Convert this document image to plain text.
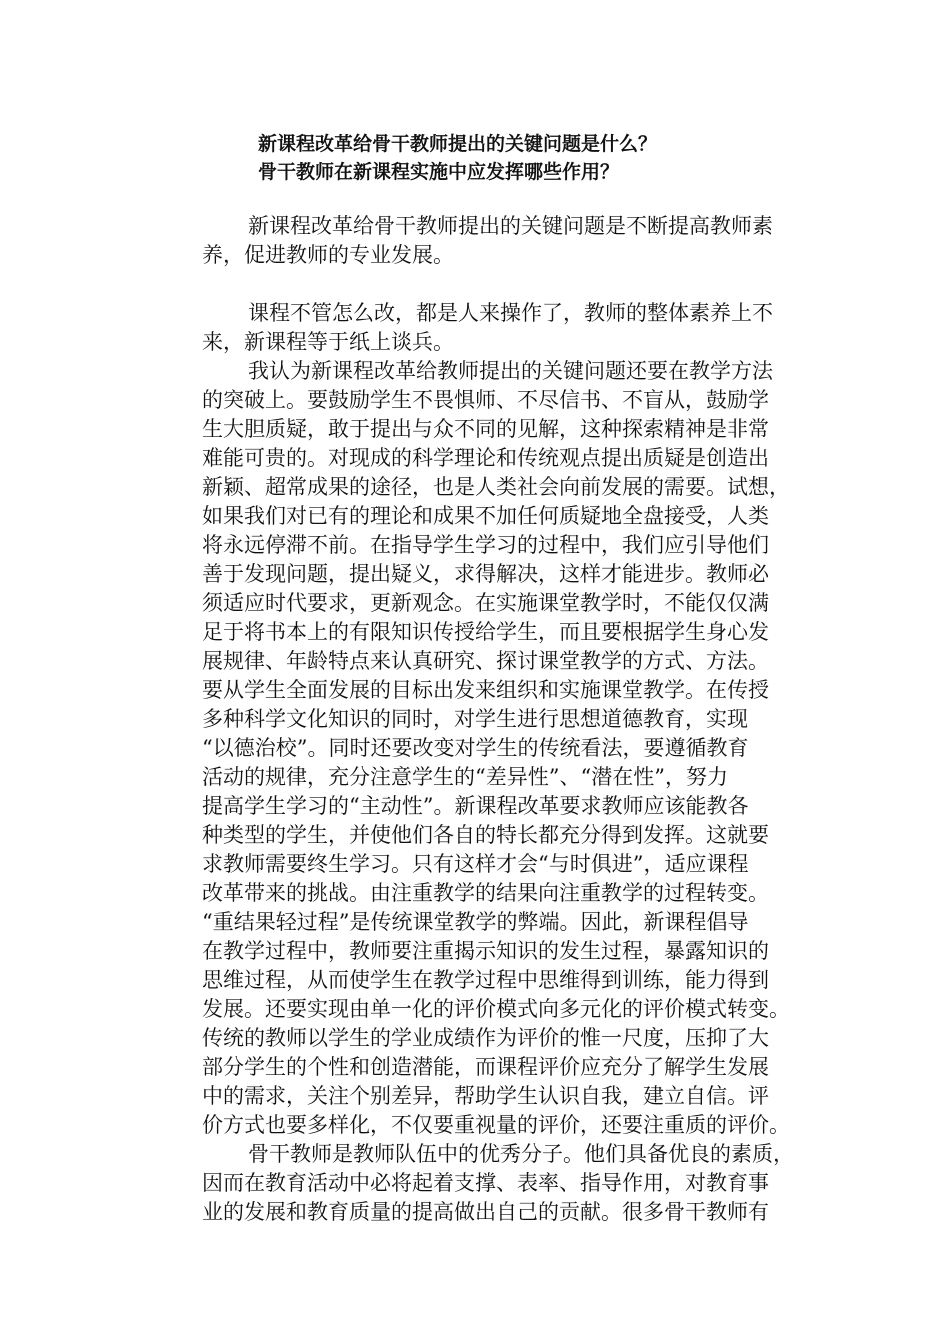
新课程改革给骨干教师提出的关键问题是什么？

骨干教师在新课程实施中应发挥哪些作用？

新课程改革给骨干教师提出的关键问题是不断提高教师素
养，促进教师的专业发展。
课程不管怎么改，都是人来操作了，教师的整体素养上不
来，新课程等于纸上谈兵。
我认为新课程改革给教师提出的关键问题还要在教学方法
的突破上。要鼓励学生不畏惧师、不尽信书、不盲从，鼓励学
生大胆质疑，敢于提出与众不同的见解，这种探索精神是非常
难能可贵的。对现成的科学理论和传统观点提出质疑是创造出
新颖、超常成果的途径，也是人类社会向前发展的需要。试想，
如果我们对已有的理论和成果不加任何质疑地全盘接受，人类
将永远停滞不前。在指导学生学习的过程中，我们应引导他们
善于发现问题，提出疑义，求得解决，这样才能进步。教师必
须适应时代要求，更新观念。在实施课堂教学时，不能仅仅满
足于将书本上的有限知识传授给学生，而且要根据学生身心发
展规律、年龄特点来认真研究、探讨课堂教学的方式、方法。
要从学生全面发展的目标出发来组织和实施课堂教学。在传授
多种科学文化知识的同时，对学生进行思想道德教育，实现
“以德治校”。同时还要改变对学生的传统看法，要遵循教育
活动的规律，充分注意学生的“差异性”、“潜在性”，努力
提高学生学习的“主动性”。新课程改革要求教师应该能教各
种类型的学生，并使他们各自的特长都充分得到发挥。这就要
求教师需要终生学习。只有这样才会“与时俱进”，适应课程
改革带来的挑战。由注重教学的结果向注重教学的过程转变。
“重结果轻过程”是传统课堂教学的弊端。因此，新课程倡导
在教学过程中，教师要注重揭示知识的发生过程，暴露知识的
思维过程，从而使学生在教学过程中思维得到训练，能力得到
发展。还要实现由单一化的评价模式向多元化的评价模式转变。
传统的教师以学生的学业成绩作为评价的惟一尺度，压抑了大
部分学生的个性和创造潜能，而课程评价应充分了解学生发展
中的需求，关注个别差异，帮助学生认识自我，建立自信。评
价方式也要多样化，不仅要重视量的评价，还要注重质的评价。
骨干教师是教师队伍中的优秀分子。他们具备优良的素质，
因而在教育活动中必将起着支撑、表率、指导作用，对教育事
业的发展和教育质量的提高做出自己的贡献。很多骨干教师有
